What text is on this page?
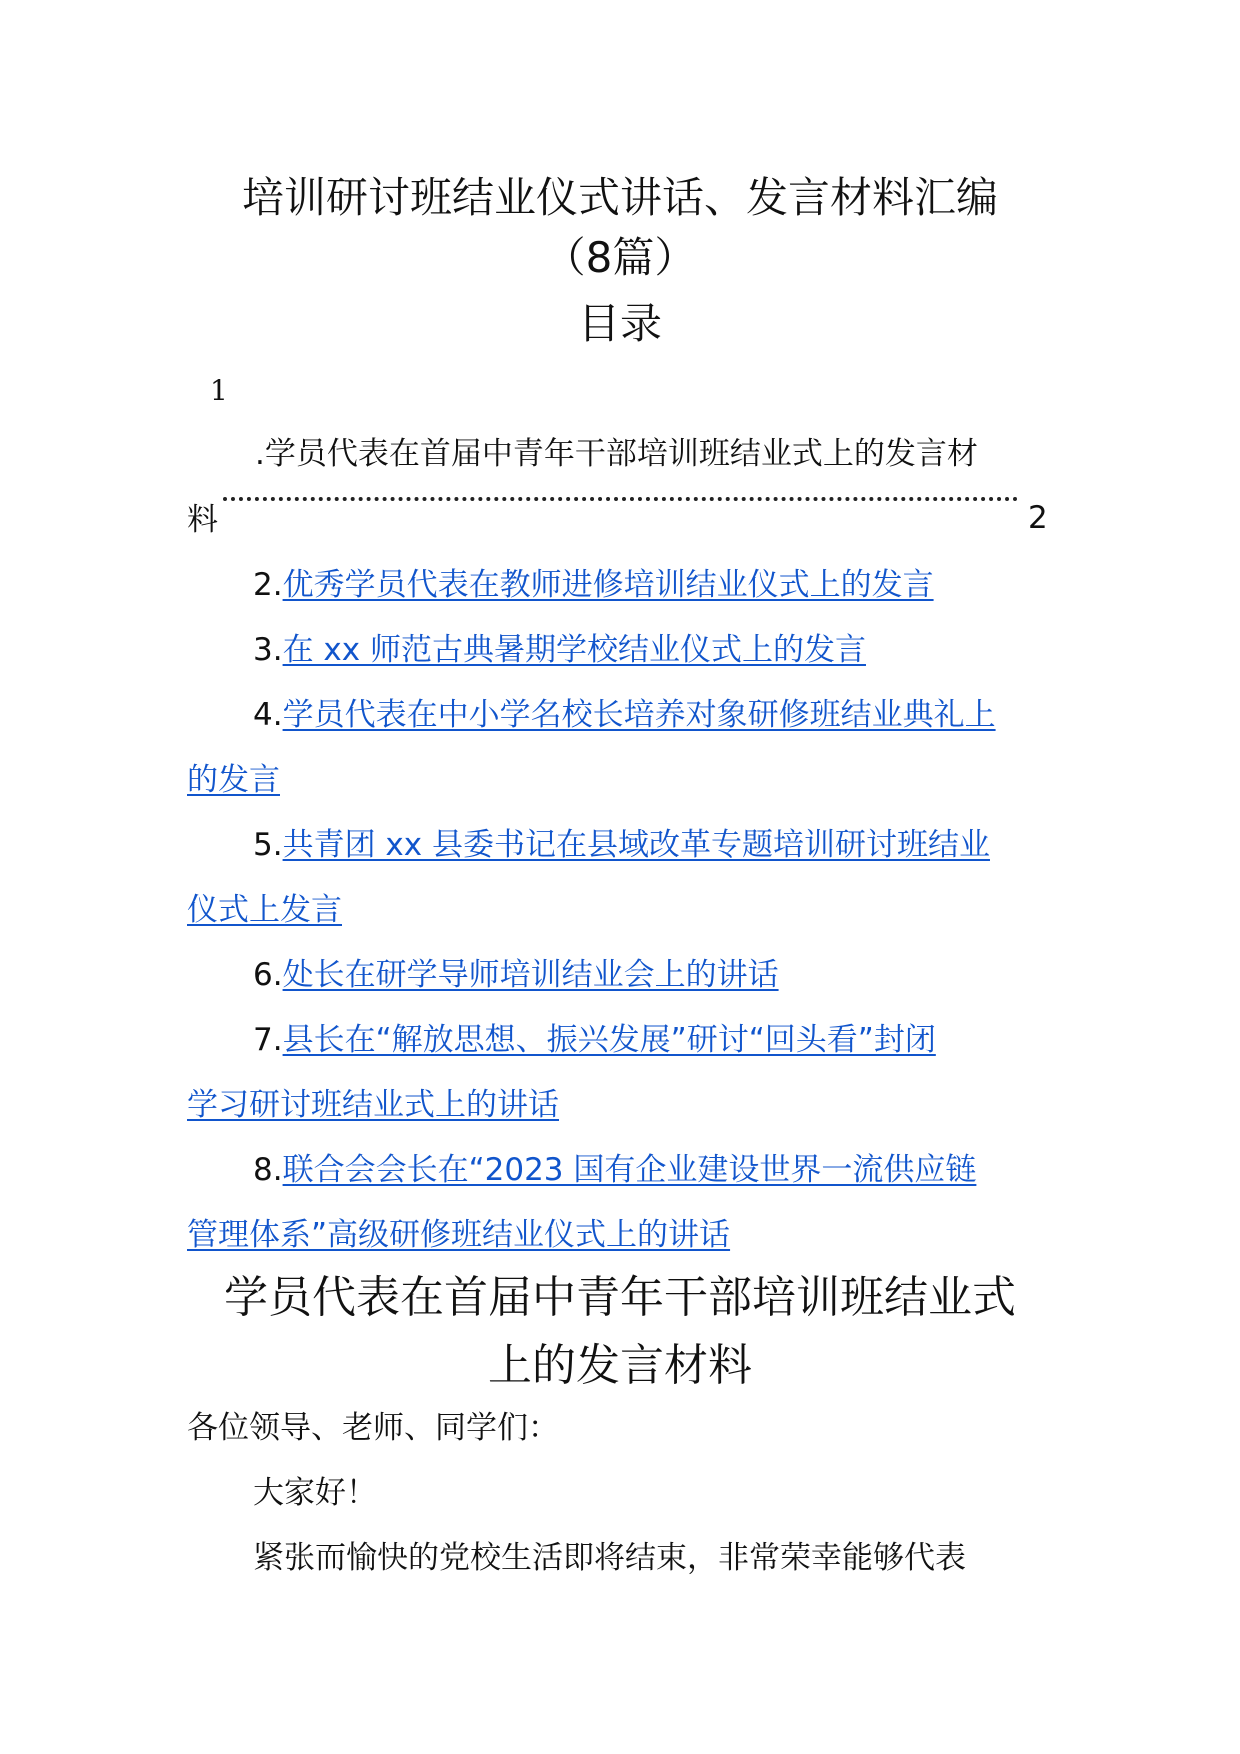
培训研讨班结业仪式讲话、发言材料汇编
（8篇）
目录
1
.学员代表在首届中青年干部培训班结业式上的发言材
料	2
2.优秀学员代表在教师进修培训结业仪式上的发言
3.在 xx 师范古典暑期学校结业仪式上的发言
4.学员代表在中小学名校长培养对象研修班结业典礼上
的发言
5.共青团 xx 县委书记在县域改革专题培训研讨班结业
仪式上发言
6.处长在研学导师培训结业会上的讲话
7.县长在“解放思想、振兴发展”研讨“回头看”封闭
学习研讨班结业式上的讲话
8.联合会会长在“2023 国有企业建设世界一流供应链
管理体系”高级研修班结业仪式上的讲话
学员代表在首届中青年干部培训班结业式
上的发言材料
各位领导、老师、同学们：
大家好！
紧张而愉快的党校生活即将结束，非常荣幸能够代表
